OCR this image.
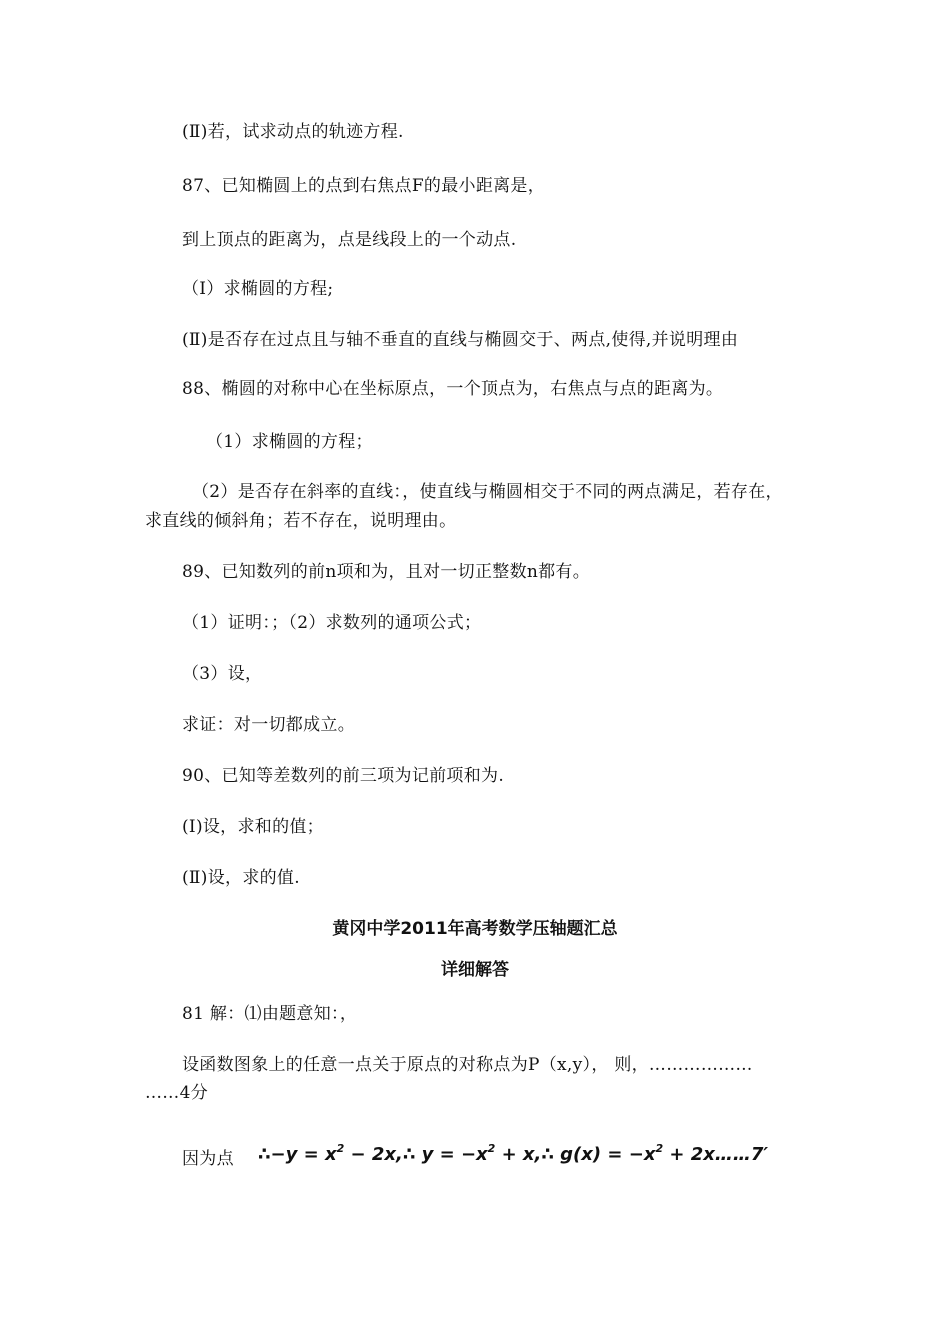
(Ⅱ)若，试求动点的轨迹方程.
87、已知椭圆上的点到右焦点F的最小距离是，
到上顶点的距离为，点是线段上的一个动点.
（I）求椭圆的方程;
(Ⅱ)是否存在过点且与轴不垂直的直线与椭圆交于、两点,使得,并说明理由
88、椭圆的对称中心在坐标原点，一个顶点为，右焦点与点的距离为。
（1）求椭圆的方程；
（2）是否存在斜率的直线：，使直线与椭圆相交于不同的两点满足，若存在，
求直线的倾斜角；若不存在，说明理由。
89、已知数列的前n项和为，且对一切正整数n都有。
（1）证明：；（2）求数列的通项公式；
（3）设，
求证：对一切都成立。
90、已知等差数列的前三项为记前项和为.
(Ⅰ)设，求和的值；
(Ⅱ)设，求的值.
黄冈中学2011年高考数学压轴题汇总
详细解答
81 解：⑴由题意知：，
设函数图象上的任意一点关于原点的对称点为P（x,y）， 则，………………
……4分
因为点 ∴−y = $x^2$ − 2x,∴ $y = -x^2$ + x,∴ $g(x) = -x^2$ + 2x……7′
